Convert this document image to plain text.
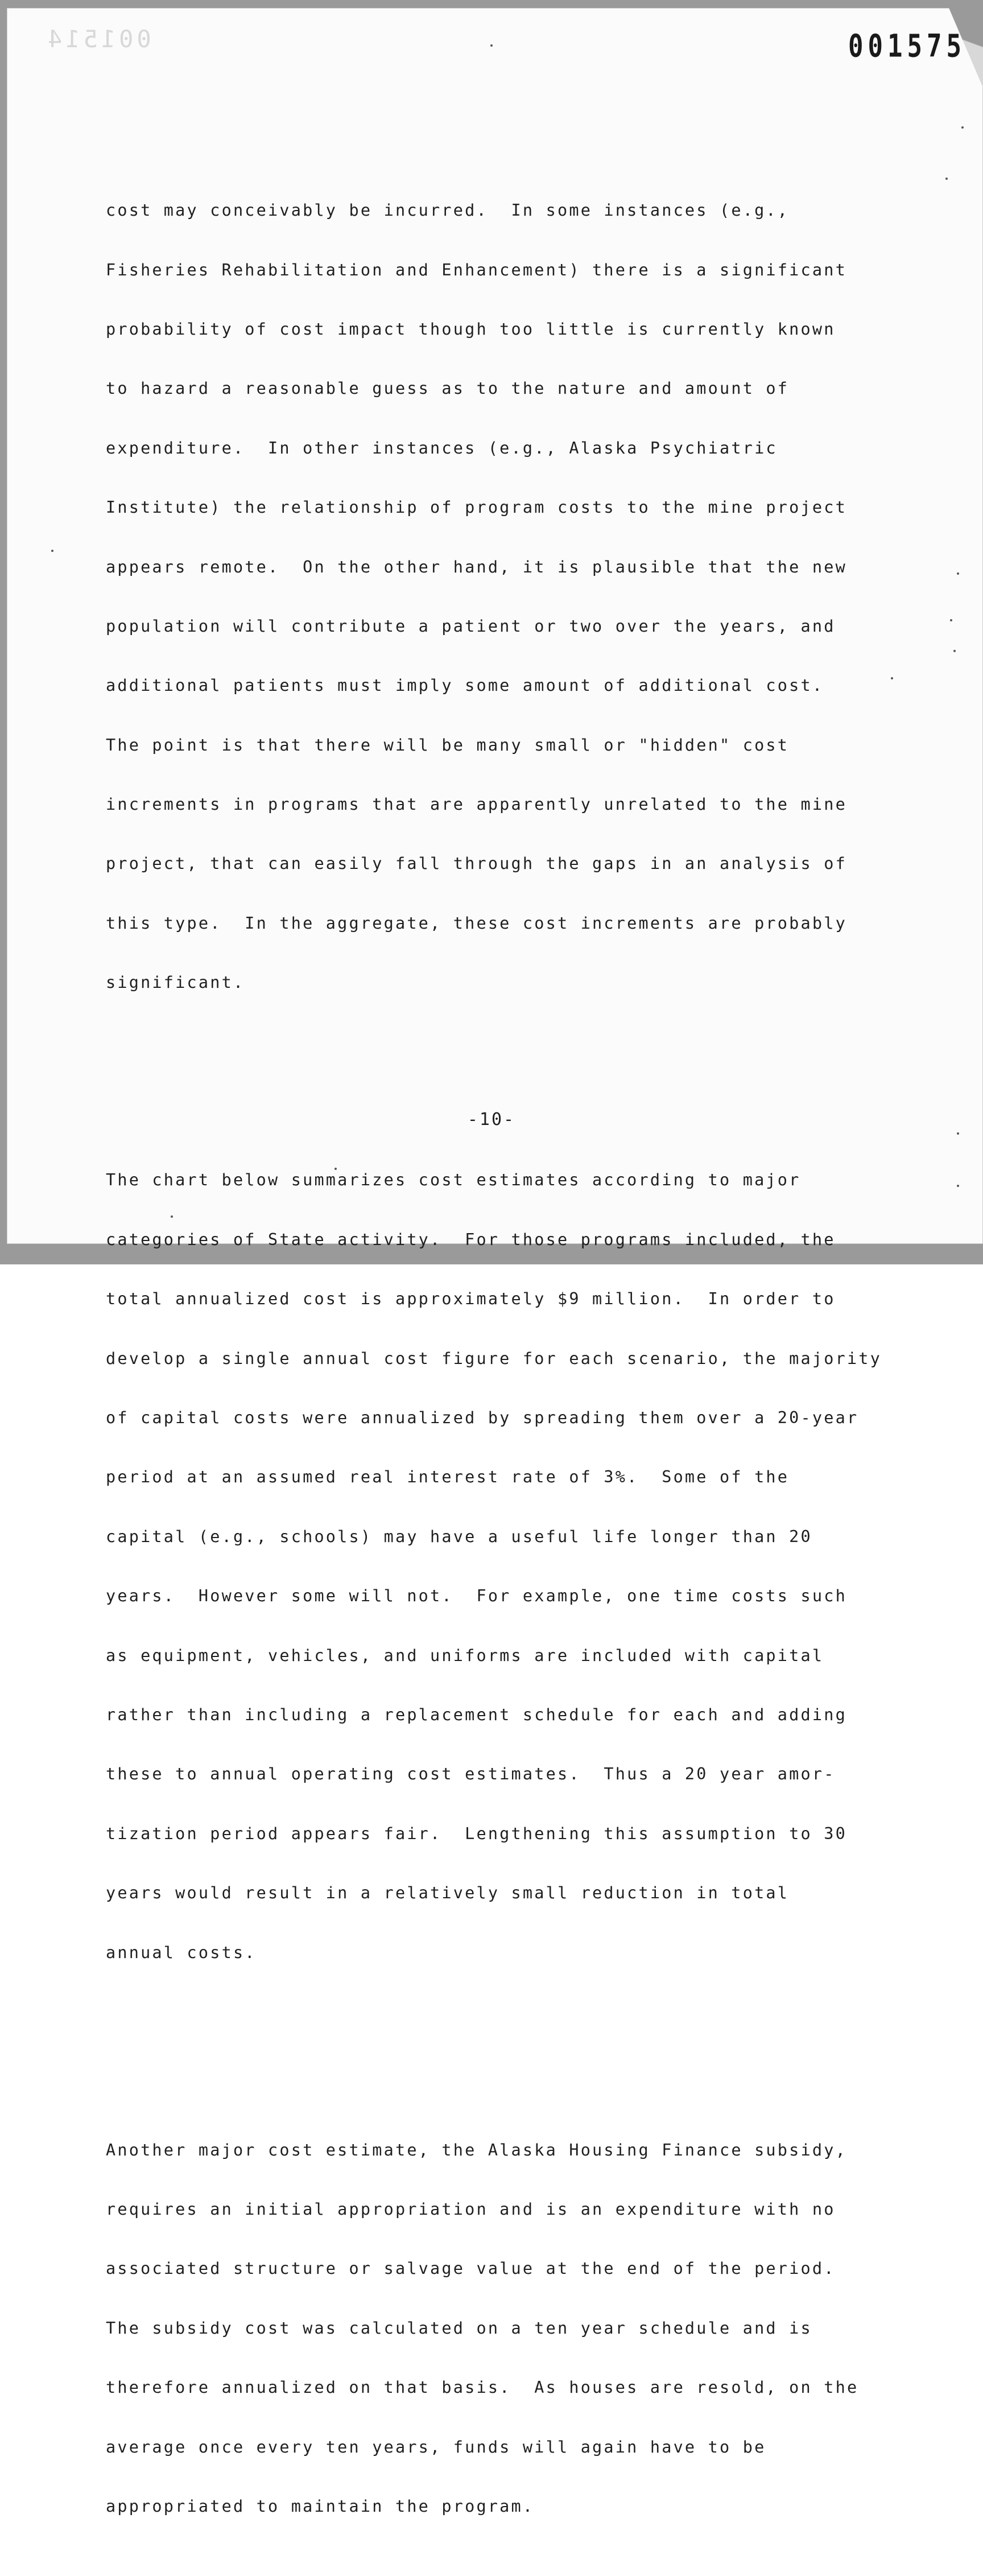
001514	001575

cost may conceivably be incurred.  In some instances (e.g.,

Fisheries Rehabilitation and Enhancement) there is a significant

probability of cost impact though too little is currently known

to hazard a reasonable guess as to the nature and amount of

expenditure.  In other instances (e.g., Alaska Psychiatric

Institute) the relationship of program costs to the mine project

appears remote.  On the other hand, it is plausible that the new

population will contribute a patient or two over the years, and

additional patients must imply some amount of additional cost.

The point is that there will be many small or "hidden" cost

increments in programs that are apparently unrelated to the mine

project, that can easily fall through the gaps in an analysis of

this type.  In the aggregate, these cost increments are probably

significant.

The chart below summarizes cost estimates according to major

categories of State activity.  For those programs included, the

total annualized cost is approximately $9 million.  In order to

develop a single annual cost figure for each scenario, the majority

of capital costs were annualized by spreading them over a 20-year

period at an assumed real interest rate of 3%.  Some of the

capital (e.g., schools) may have a useful life longer than 20

years.  However some will not.  For example, one time costs such

as equipment, vehicles, and uniforms are included with capital

rather than including a replacement schedule for each and adding

these to annual operating cost estimates.  Thus a 20 year amor-

tization period appears fair.  Lengthening this assumption to 30

years would result in a relatively small reduction in total

annual costs.

Another major cost estimate, the Alaska Housing Finance subsidy,

requires an initial appropriation and is an expenditure with no

associated structure or salvage value at the end of the period.

The subsidy cost was calculated on a ten year schedule and is

therefore annualized on that basis.  As houses are resold, on the

average once every ten years, funds will again have to be

appropriated to maintain the program.

-10-
